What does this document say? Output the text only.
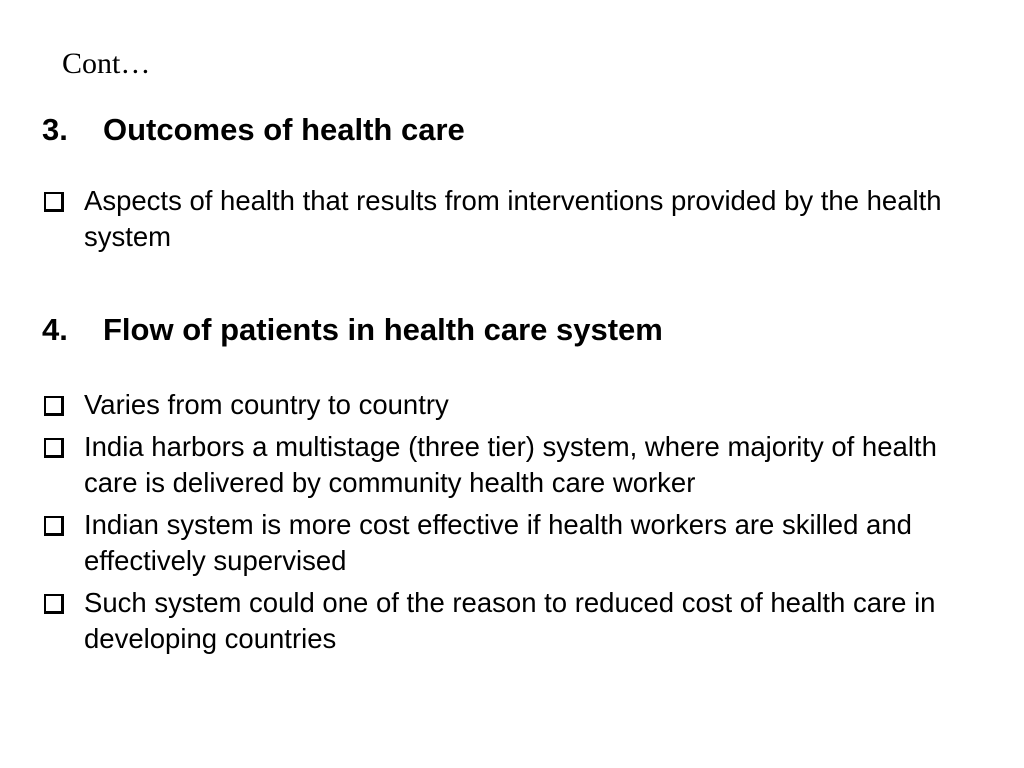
Cont…
3. Outcomes of health care
Aspects of health that results from interventions provided by the health system
4. Flow of patients in health care system
Varies from country to country
India harbors a multistage (three tier) system, where majority of health care is delivered by community health care worker
Indian system is more cost effective if health workers are skilled and effectively supervised
Such system could one of the reason to reduced cost of health care in developing countries
